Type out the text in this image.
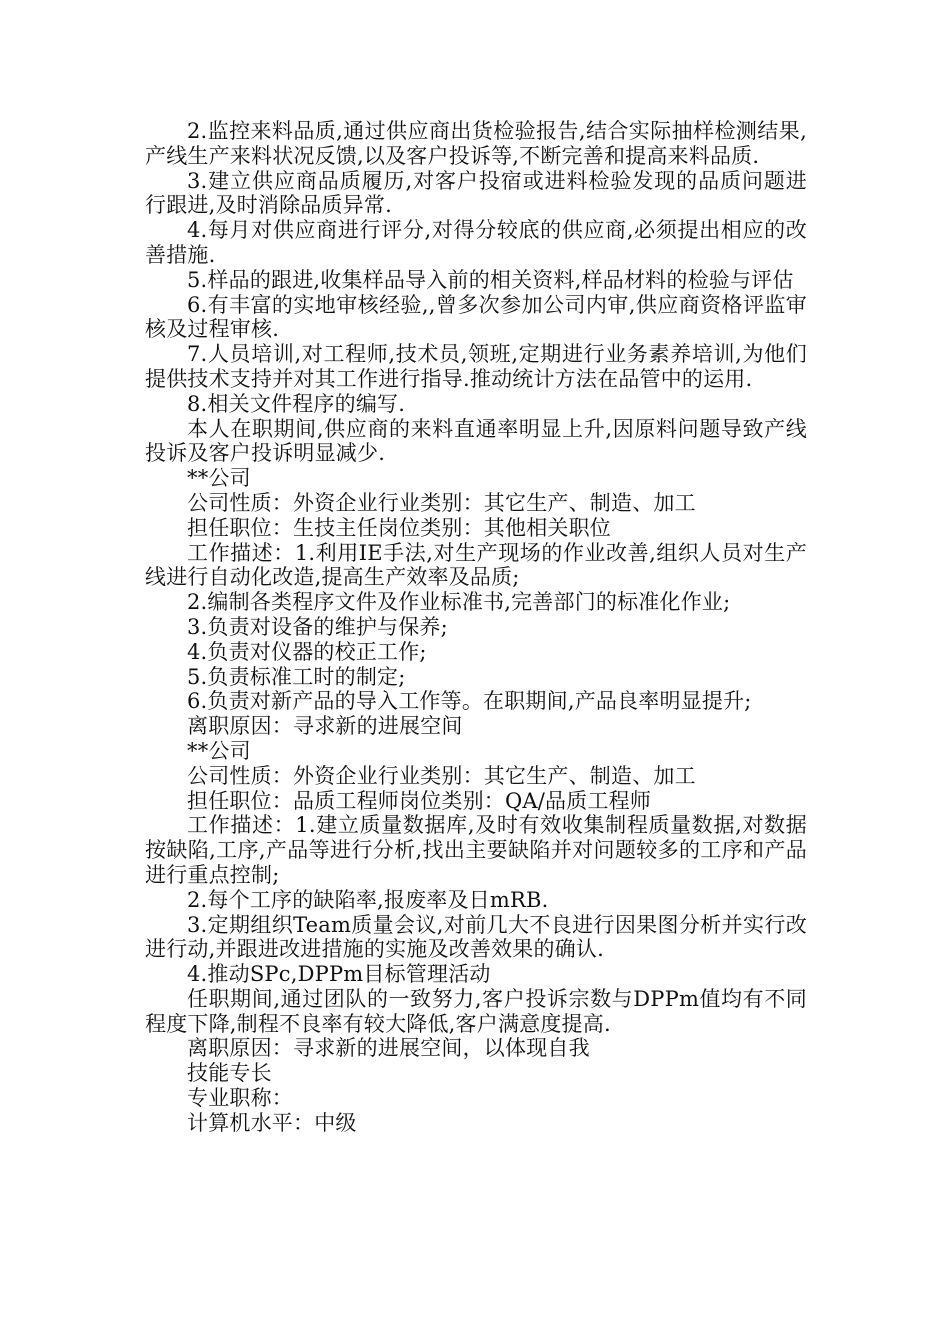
2.监控来料品质,通过供应商出货检验报告,结合实际抽样检测结果,产线生产来料状况反馈,以及客户投诉等,不断完善和提高来料品质.

3.建立供应商品质履历,对客户投宿或进料检验发现的品质问题进行跟进,及时消除品质异常.

4.每月对供应商进行评分,对得分较底的供应商,必须提出相应的改善措施.

5.样品的跟进,收集样品导入前的相关资料,样品材料的检验与评估

6.有丰富的实地审核经验,,曾多次参加公司内审,供应商资格评监审核及过程审核.

7.人员培训,对工程师,技术员,领班,定期进行业务素养培训,为他们提供技术支持并对其工作进行指导.推动统计方法在品管中的运用.

8.相关文件程序的编写.

本人在职期间,供应商的来料直通率明显上升,因原料问题导致产线投诉及客户投诉明显减少.

**公司

公司性质：外资企业行业类别：其它生产、制造、加工

担任职位：生技主任岗位类别：其他相关职位

工作描述：1.利用IE手法,对生产现场的作业改善,组织人员对生产线进行自动化改造,提高生产效率及品质;

2.编制各类程序文件及作业标准书,完善部门的标准化作业;

3.负责对设备的维护与保养;

4.负责对仪器的校正工作;

5.负责标准工时的制定;

6.负责对新产品的导入工作等。在职期间,产品良率明显提升;

离职原因：寻求新的进展空间

**公司

公司性质：外资企业行业类别：其它生产、制造、加工

担任职位：品质工程师岗位类别：QA/品质工程师

工作描述：1.建立质量数据库,及时有效收集制程质量数据,对数据按缺陷,工序,产品等进行分析,找出主要缺陷并对问题较多的工序和产品进行重点控制;

2.每个工序的缺陷率,报废率及日mRB.

3.定期组织Team质量会议,对前几大不良进行因果图分析并实行改进行动,并跟进改进措施的实施及改善效果的确认.

4.推动SPc,DPPm目标管理活动

任职期间,通过团队的一致努力,客户投诉宗数与DPPm值均有不同程度下降,制程不良率有较大降低,客户满意度提高.

离职原因：寻求新的进展空间，以体现自我

技能专长

专业职称：

计算机水平：中级
